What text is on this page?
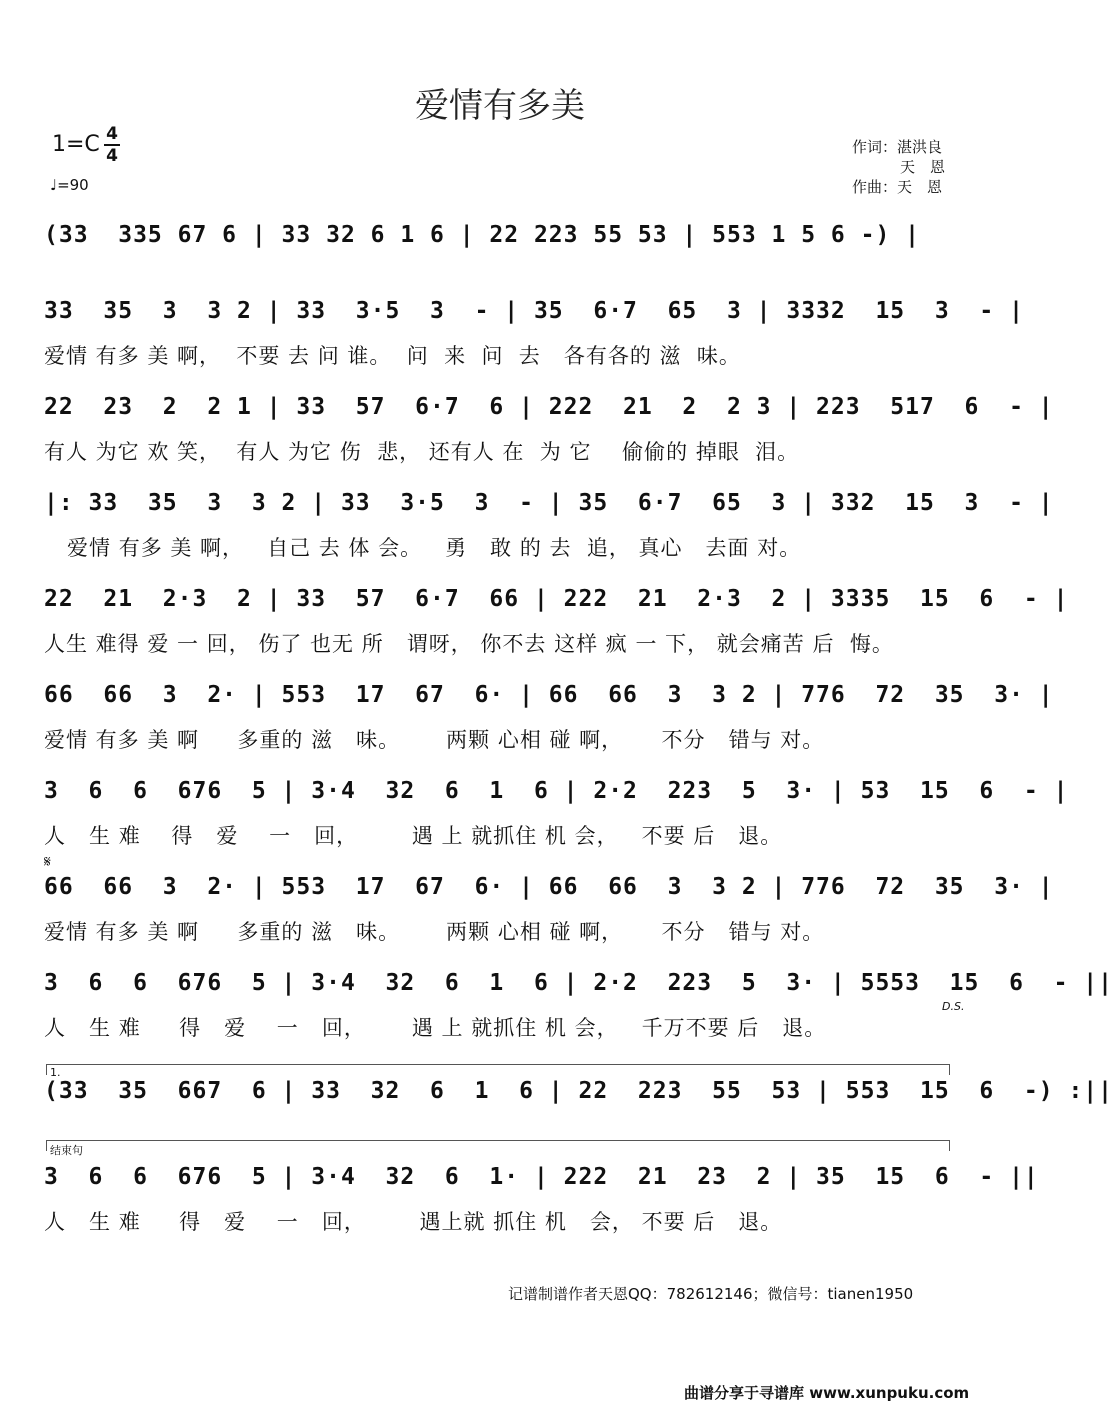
爱情有多美
1=C 4
4
♩=90
作词：湛洪良
天　恩
作曲：天　恩
(33  335 67 6 | 33 32 6 1 6 | 22 223 55 53 | 553 1 5 6 -) |
33  35  3  3 2 | 33  3·5  3  - | 35  6·7  65  3 | 3332  15  3  - |
爱情 有多 美 啊，  不要 去 问 谁。  问  来  问  去   各有各的 滋  味。
22  23  2  2 1 | 33  57  6·7  6 | 222  21  2  2 3 | 223  517  6  - |
有人 为它 欢 笑，  有人 为它 伤  悲， 还有人 在  为 它    偷偷的 掉眼  泪。
|: 33  35  3  3 2 | 33  3·5  3  - | 35  6·7  65  3 | 332  15  3  - |
爱情 有多 美 啊，   自己 去 体 会。   勇   敢 的 去  追， 真心   去面 对。
22  21  2·3  2 | 33  57  6·7  66 | 222  21  2·3  2 | 3335  15  6  - |
人生 难得 爱 一 回， 伤了 也无 所   谓呀， 你不去 这样 疯 一 下， 就会痛苦 后  悔。
66  66  3  2· | 553  17  67  6· | 66  66  3  3 2 | 776  72  35  3· |
爱情 有多 美 啊     多重的 滋   味。      两颗 心相 碰 啊，     不分   错与 对。
3  6  6  676  5 | 3·4  32  6  1  6 | 2·2  223  5  3· | 53  15  6  - |
人   生 难    得   爱    一   回，       遇 上 就抓住 机 会，   不要 后   退。
𝄋
66  66  3  2· | 553  17  67  6· | 66  66  3  3 2 | 776  72  35  3· |
爱情 有多 美 啊     多重的 滋   味。      两颗 心相 碰 啊，     不分   错与 对。
3  6  6  676  5 | 3·4  32  6  1  6 | 2·2  223  5  3· | 5553  15  6  - ||
人   生 难     得   爱    一   回，      遇 上 就抓住 机 会，   千万不要 后   退。
D.S.
1.
(33  35  667  6 | 33  32  6  1  6 | 22  223  55  53 | 553  15  6  -) :||
结束句
3  6  6  676  5 | 3·4  32  6  1· | 222  21  23  2 | 35  15  6  - ||
人   生 难     得   爱    一   回，       遇上就 抓住 机   会， 不要 后   退。
记谱制谱作者天恩QQ：782612146；微信号：tianen1950
曲谱分享于寻谱库 www.xunpuku.com
